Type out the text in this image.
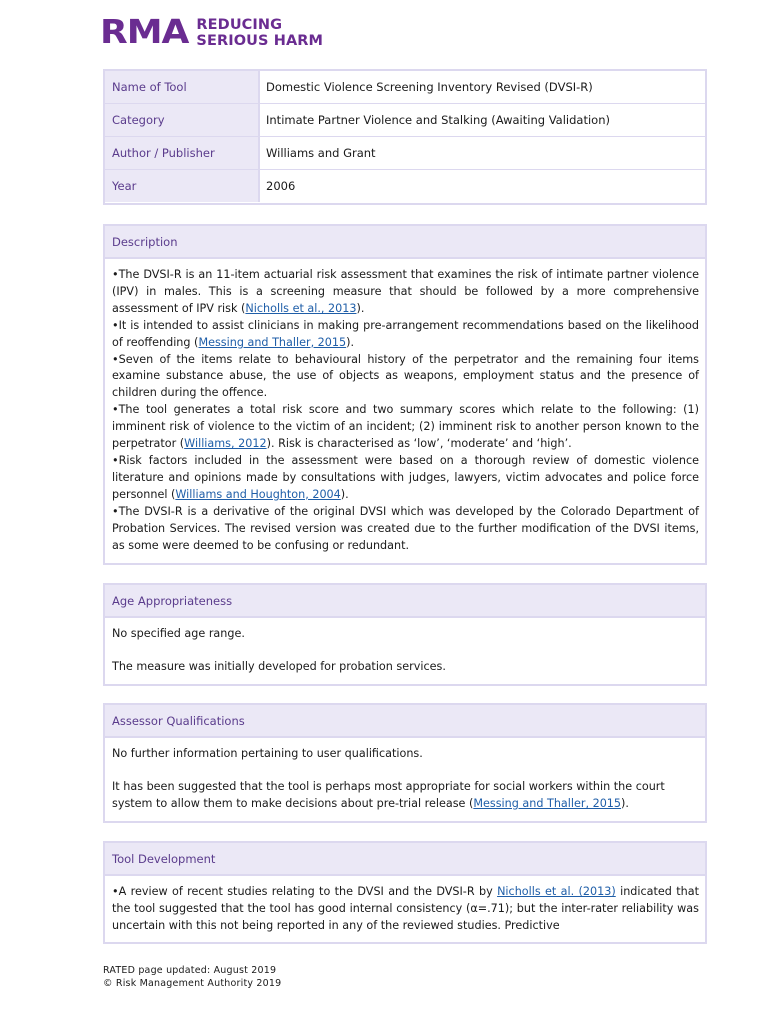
RMA REDUCING
SERIOUS HARM
Name of Tool	Domestic Violence Screening Inventory Revised (DVSI-R)
Category	Intimate Partner Violence and Stalking (Awaiting Validation)
Author / Publisher	Williams and Grant
Year	2006
Description
•The DVSI-R is an 11-item actuarial risk assessment that examines the risk of intimate partner violence (IPV) in males. This is a screening measure that should be followed by a more comprehensive assessment of IPV risk (Nicholls et al., 2013).
•It is intended to assist clinicians in making pre-arrangement recommendations based on the likelihood of reoffending (Messing and Thaller, 2015).
•Seven of the items relate to behavioural history of the perpetrator and the remaining four items examine substance abuse, the use of objects as weapons, employment status and the presence of children during the offence.
•The tool generates a total risk score and two summary scores which relate to the following: (1) imminent risk of violence to the victim of an incident; (2) imminent risk to another person known to the perpetrator (Williams, 2012). Risk is characterised as ‘low’, ‘moderate’ and ‘high’.
•Risk factors included in the assessment were based on a thorough review of domestic violence literature and opinions made by consultations with judges, lawyers, victim advocates and police force personnel (Williams and Houghton, 2004).
•The DVSI-R is a derivative of the original DVSI which was developed by the Colorado Department of Probation Services. The revised version was created due to the further modification of the DVSI items, as some were deemed to be confusing or redundant.
Age Appropriateness
No specified age range.
The measure was initially developed for probation services.
Assessor Qualifications
No further information pertaining to user qualifications.
It has been suggested that the tool is perhaps most appropriate for social workers within the court system to allow them to make decisions about pre-trial release (Messing and Thaller, 2015).
Tool Development
•A review of recent studies relating to the DVSI and the DVSI-R by Nicholls et al. (2013) indicated that the tool suggested that the tool has good internal consistency (α=.71); but the inter-rater reliability was uncertain with this not being reported in any of the reviewed studies. Predictive
RATED page updated: August 2019
© Risk Management Authority 2019
